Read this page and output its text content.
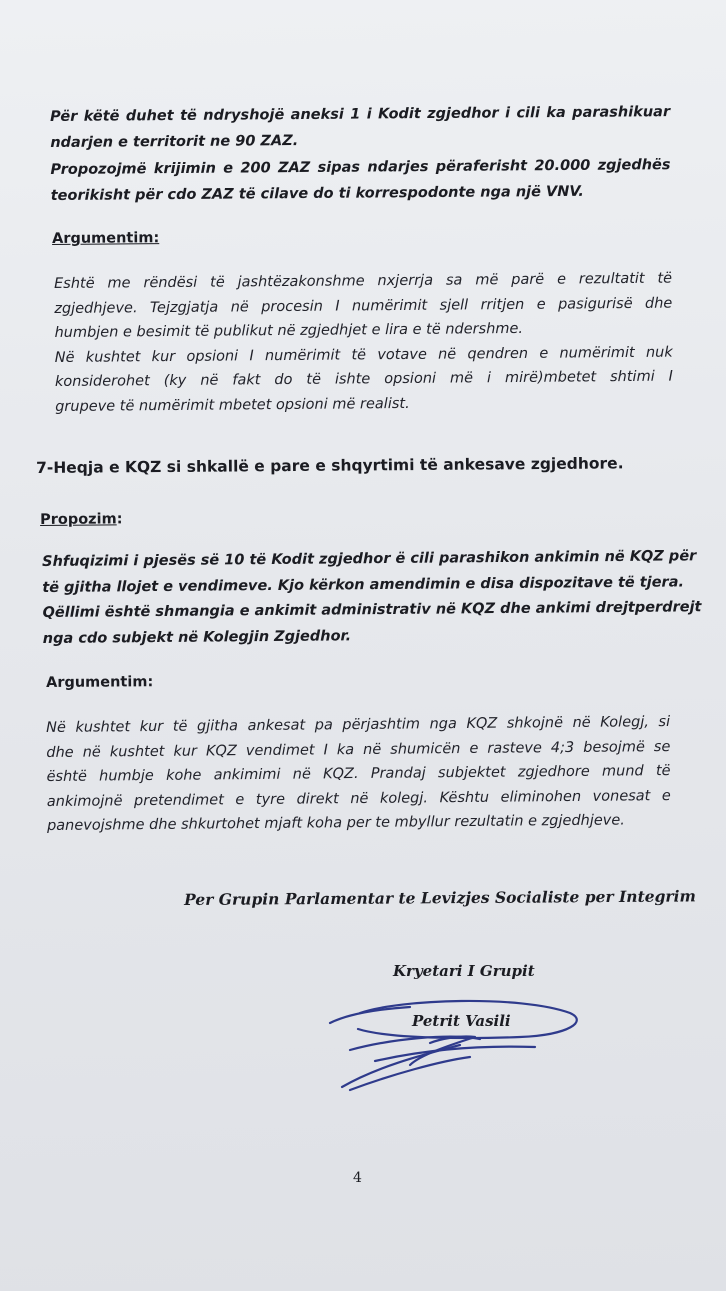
Për këtë duhet të ndryshojë aneksi 1 i Kodit zgjedhor i cili ka parashikuar
ndarjen e territorit ne 90 ZAZ.
Propozojmë krijimin e 200 ZAZ sipas ndarjes përaferisht 20.000 zgjedhës
teorikisht për cdo ZAZ të cilave do ti korrespodonte nga një VNV.
Argumentim:
Eshtë me rëndësi të jashtëzakonshme nxjerrja sa më parë e rezultatit të
zgjedhjeve. Tejzgjatja në procesin I numërimit sjell rritjen e pasigurisë dhe
humbjen e besimit të publikut në zgjedhjet e lira e të ndershme.
Në kushtet kur opsioni I numërimit të votave në qendren e numërimit nuk
konsiderohet (ky në fakt do të ishte opsioni më i mirë)mbetet shtimi I
grupeve të numërimit mbetet opsioni më realist.
7-Heqja e KQZ si shkallë e pare e shqyrtimi të ankesave zgjedhore.
Propozim:
Shfuqizimi i pjesës së 10 të Kodit zgjedhor ë cili parashikon ankimin në KQZ për
të gjitha llojet e vendimeve. Kjo kërkon amendimin e disa dispozitave të tjera.
Qëllimi është shmangia e ankimit administrativ në KQZ dhe ankimi drejtperdrejt
nga cdo subjekt në Kolegjin Zgjedhor.
Argumentim:
Në kushtet kur të gjitha ankesat pa përjashtim nga KQZ shkojnë në Kolegj, si
dhe në kushtet kur KQZ vendimet I ka në shumicën e rasteve 4;3 besojmë se
është humbje kohe ankimimi në KQZ. Prandaj subjektet zgjedhore mund të
ankimojnë pretendimet e tyre direkt në kolegj. Kështu eliminohen vonesat e
panevojshme dhe shkurtohet mjaft koha per te mbyllur rezultatin e zgjedhjeve.
Per Grupin Parlamentar te Levizjes Socialiste per Integrim
Kryetari I Grupit
Petrit Vasili
4
